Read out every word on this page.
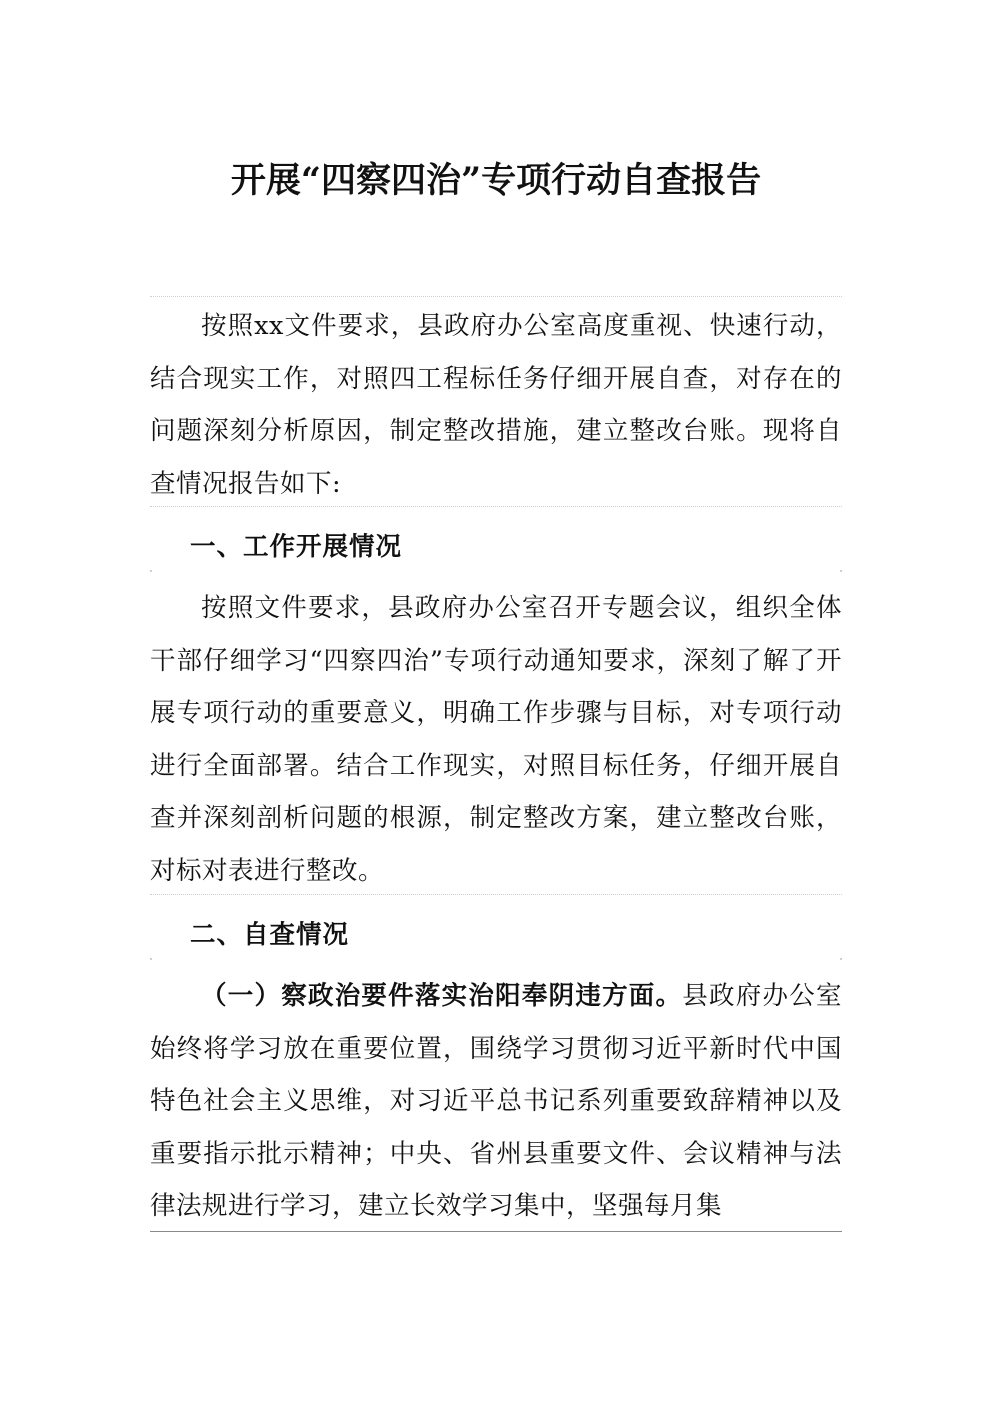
开展“四察四治”专项行动自查报告

按照xx文件要求，县政府办公室高度重视、快速行动，结合现实工作，对照四工程标任务仔细开展自查，对存在的问题深刻分析原因，制定整改措施，建立整改台账。现将自查情况报告如下:

一、工作开展情况

按照文件要求，县政府办公室召开专题会议，组织全体干部仔细学习“四察四治”专项行动通知要求，深刻了解了开展专项行动的重要意义，明确工作步骤与目标，对专项行动进行全面部署。结合工作现实，对照目标任务，仔细开展自查并深刻剖析问题的根源，制定整改方案，建立整改台账，对标对表进行整改。

二、自查情况

（一）察政治要件落实治阳奉阴违方面。县政府办公室始终将学习放在重要位置，围绕学习贯彻习近平新时代中国特色社会主义思维，对习近平总书记系列重要致辞精神以及重要指示批示精神；中央、省州县重要文件、会议精神与法律法规进行学习，建立长效学习集中，坚强每月集
